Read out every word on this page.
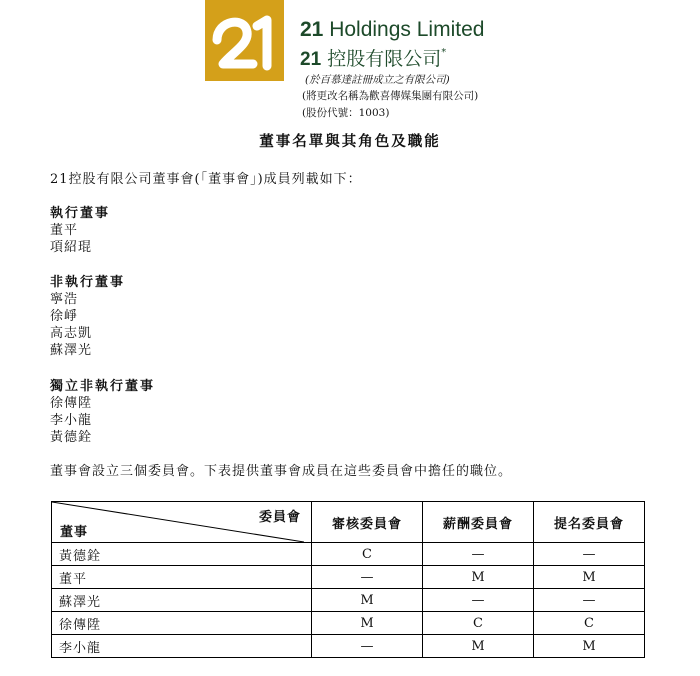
21 Holdings Limited
21 控股有限公司*
(於百慕達註冊成立之有限公司)
(將更改名稱為歡喜傳媒集團有限公司)
(股份代號：1003)
董事名單與其角色及職能
21控股有限公司董事會(「董事會」)成員列載如下：
執行董事
董平
項紹琨
非執行董事
寧浩
徐崢
高志凱
蘇澤光
獨立非執行董事
徐傳陞
李小龍
黃德銓
董事會設立三個委員會。下表提供董事會成員在這些委員會中擔任的職位。
委員會
董事	審核委員會	薪酬委員會	提名委員會
黃德銓	C	—	—
董平	—	M	M
蘇澤光	M	—	—
徐傳陞	M	C	C
李小龍	—	M	M
